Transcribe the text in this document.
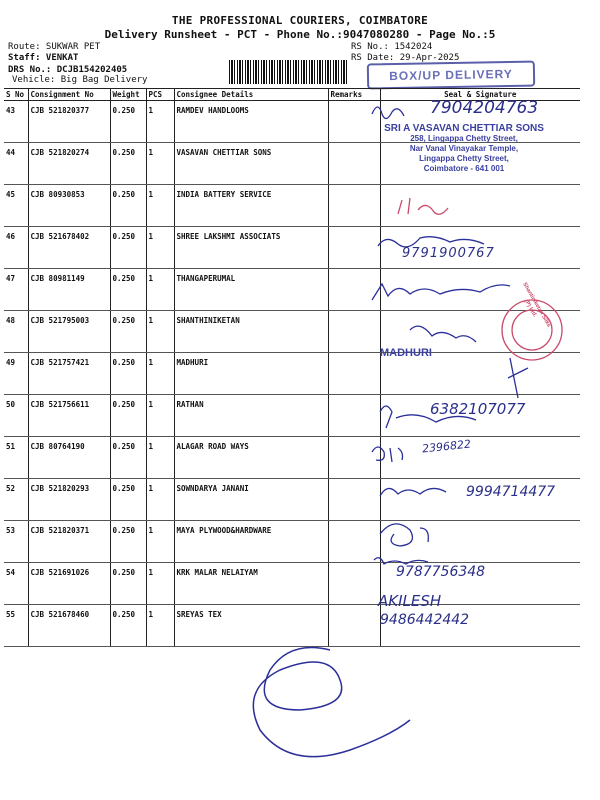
THE PROFESSIONAL COURIERS, COIMBATORE
Delivery Runsheet - PCT - Phone No.:9047080280 - Page No.:5
Route: SUKWAR PET
Staff: VENKAT
DRS No.: DCJB154202405
Vehicle: Big Bag Delivery
RS No.: 1542024
RS Date: 29-Apr-2025
BOX/UP DELIVERY
S No	Consignment No	Weight	PCS	Consignee Details	Remarks	Seal & Signature
43	CJB 521820377	0.250	1	RAMDEV HANDLOOMS		
44	CJB 521820274	0.250	1	VASAVAN CHETTIAR SONS		
45	CJB 80930853	0.250	1	INDIA BATTERY SERVICE		
46	CJB 521678402	0.250	1	SHREE LAKSHMI ASSOCIATS		
47	CJB 80981149	0.250	1	THANGAPERUMAL		
48	CJB 521795003	0.250	1	SHANTHINIKETAN		
49	CJB 521757421	0.250	1	MADHURI		
50	CJB 521756611	0.250	1	RATHAN		
51	CJB 80764190	0.250	1	ALAGAR ROAD WAYS		
52	CJB 521820293	0.250	1	SOWNDARYA JANANI		
53	CJB 521820371	0.250	1	MAYA PLYWOOD&HARDWARE		
54	CJB 521691026	0.250	1	KRK MALAR NELAIYAM		
55	CJB 521678460	0.250	1	SREYAS TEX		
7904204763
SRI A VASAVAN CHETTIAR SONS
258, Lingappa Chetty Street,
Nar Vanal Vinayakar Temple,
Lingappa Chetty Street,
Coimbatore - 641 001
9791900767
Shantiniketan Silks (P) Ltd.
MADHURI
6382107077
2396822
9994714477
9787756348
AKILESH
9486442442
